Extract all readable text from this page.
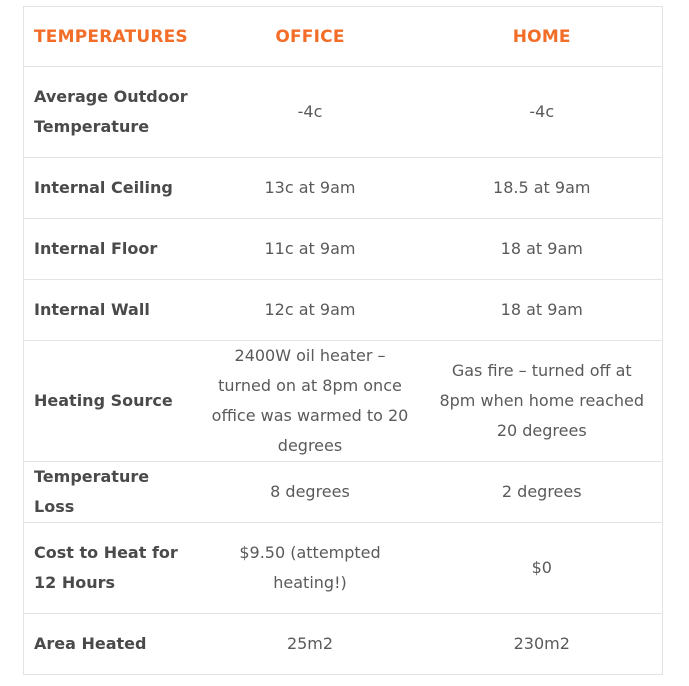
TEMPERATURES	OFFICE	HOME
Average Outdoor Temperature	-4c	-4c
Internal Ceiling	13c at 9am	18.5 at 9am
Internal Floor	11c at 9am	18 at 9am
Internal Wall	12c at 9am	18 at 9am
Heating Source	2400W oil heater – turned on at 8pm once office was warmed to 20 degrees	Gas fire – turned off at 8pm when home reached 20 degrees
Temperature Loss	8 degrees	2 degrees
Cost to Heat for 12 Hours	$9.50 (attempted heating!)	$0
Area Heated	25m2	230m2
